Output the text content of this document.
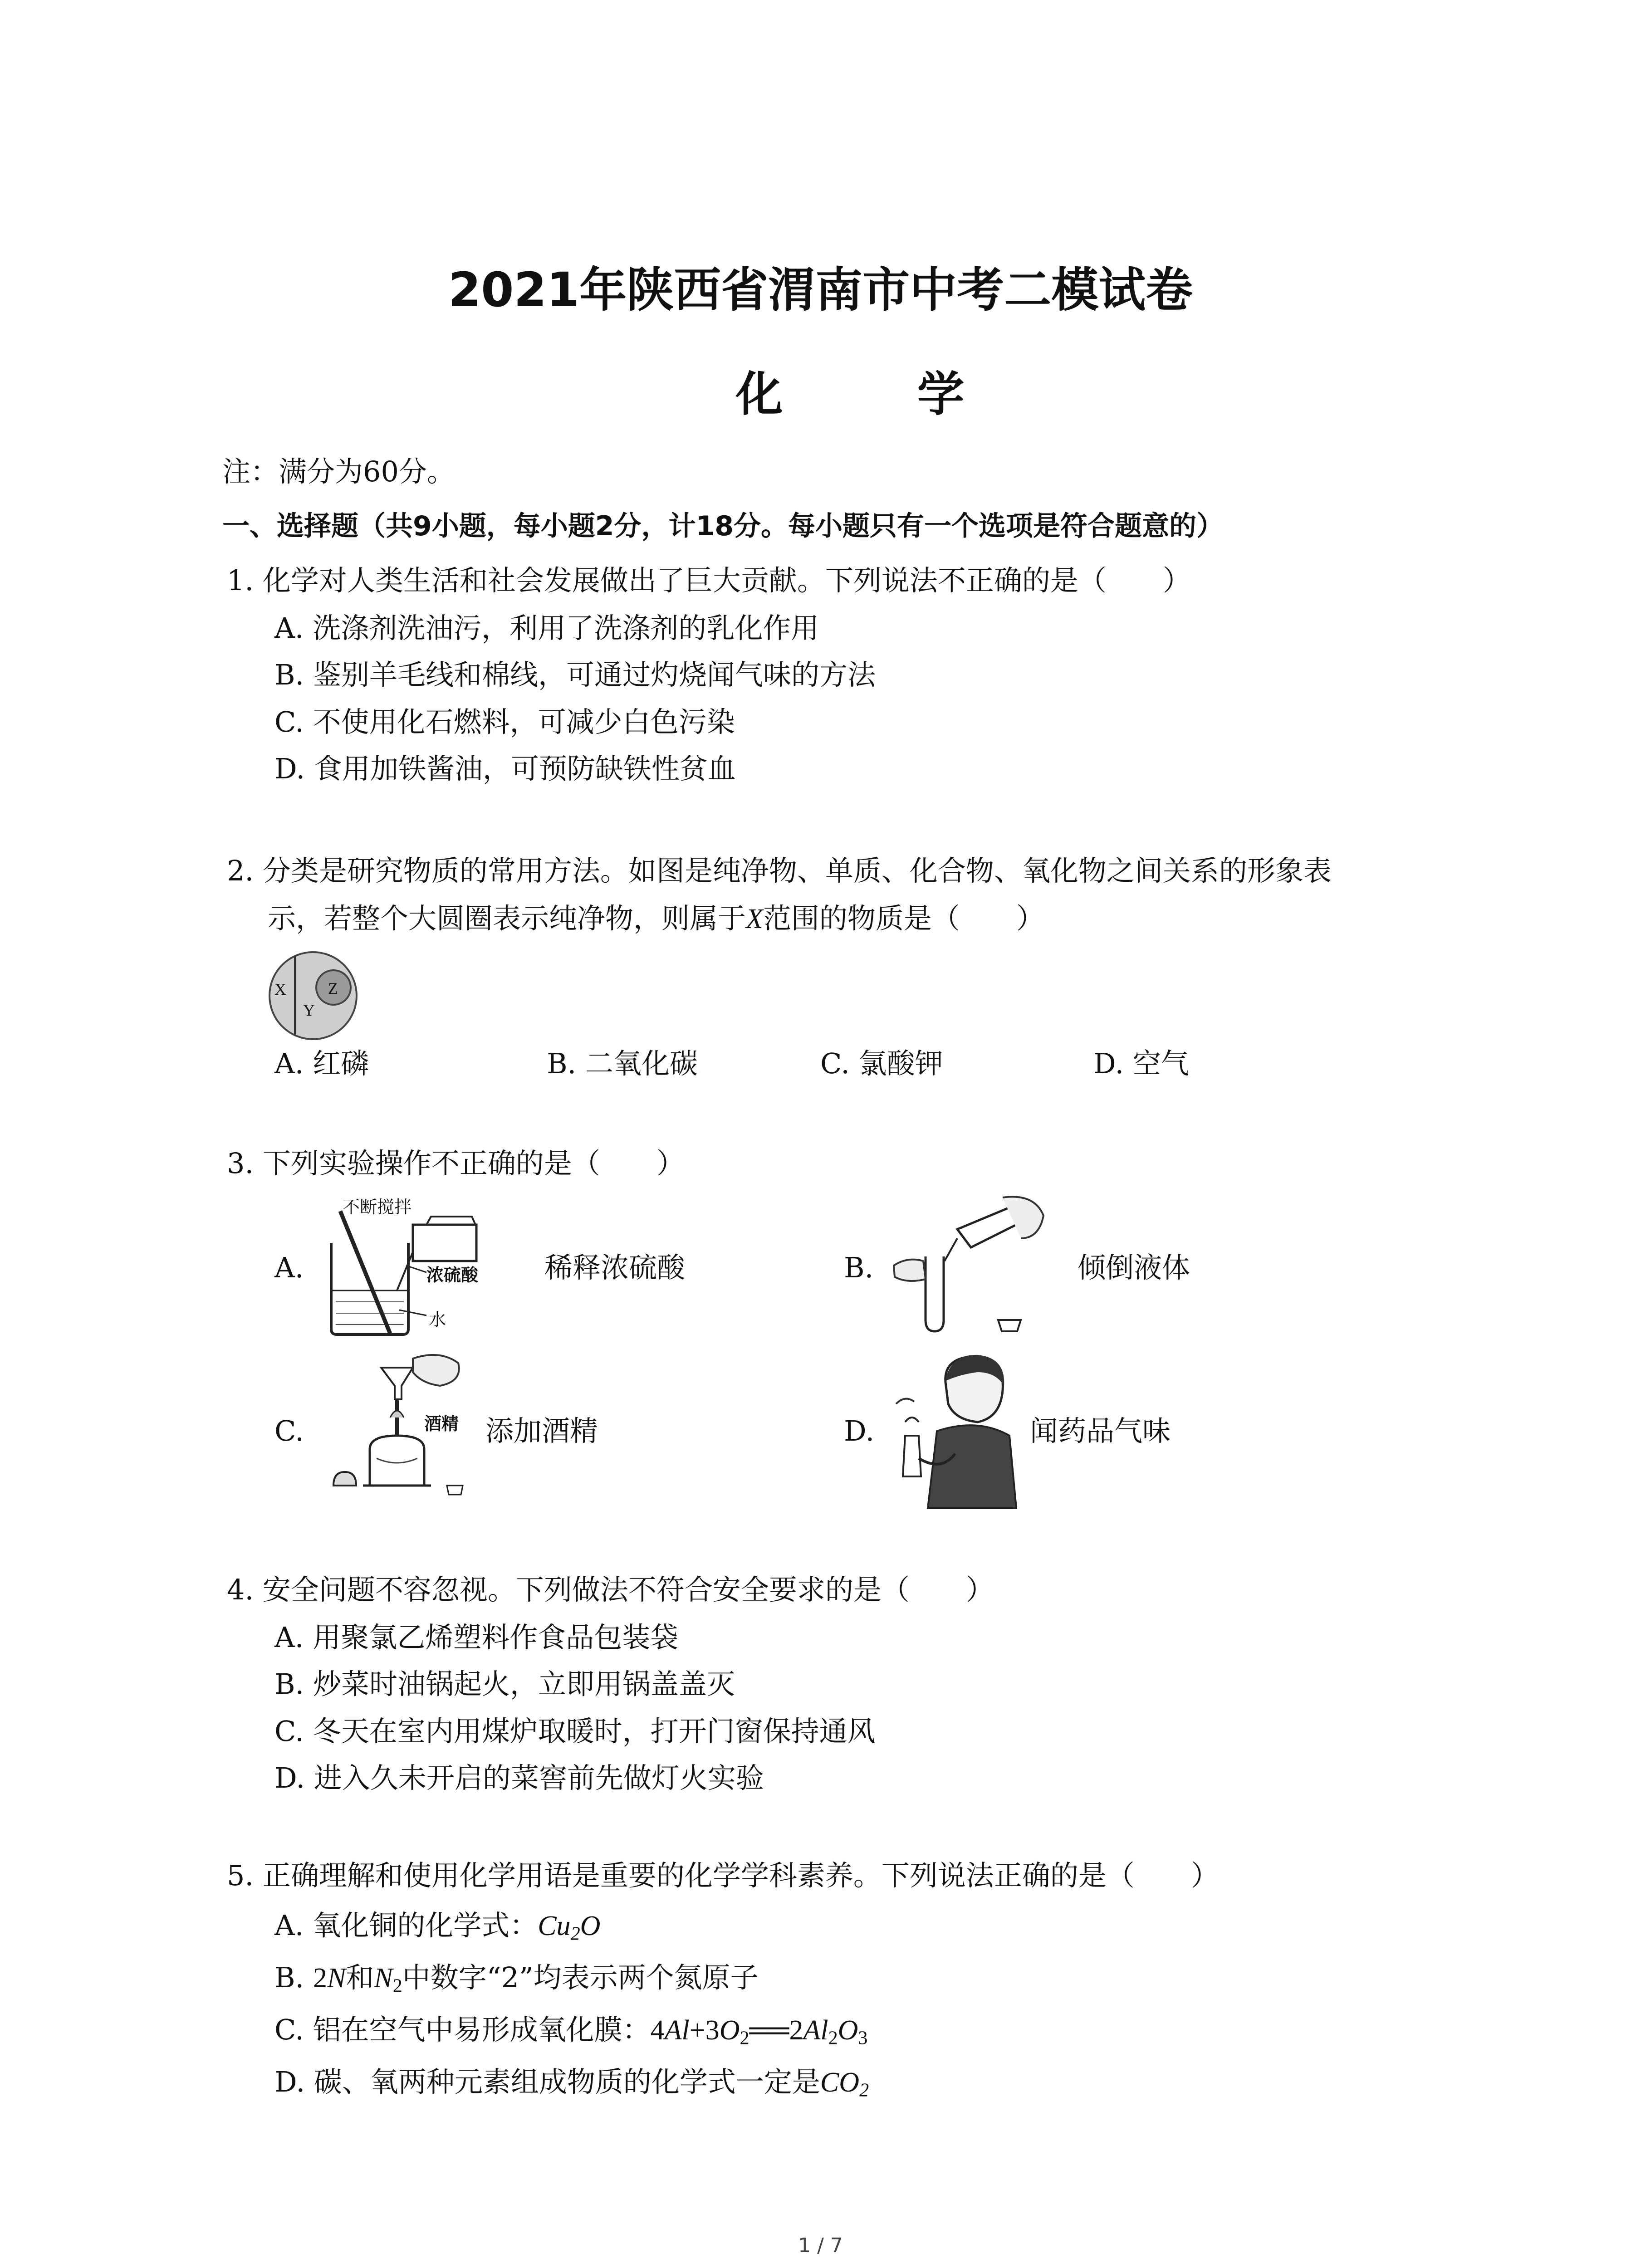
2021年陕西省渭南市中考二模试卷
化 学
注：满分为60分。
一、选择题（共9小题，每小题2分，计18分。每小题只有一个选项是符合题意的）
1. 化学对人类生活和社会发展做出了巨大贡献。下列说法不正确的是（　　）
A. 洗涤剂洗油污，利用了洗涤剂的乳化作用
B. 鉴别羊毛线和棉线，可通过灼烧闻气味的方法
C. 不使用化石燃料，可减少白色污染
D. 食用加铁酱油，可预防缺铁性贫血
2. 分类是研究物质的常用方法。如图是纯净物、单质、化合物、氧化物之间关系的形象表
示，若整个大圆圈表示纯净物，则属于X范围的物质是（　　）
X
Y
Z
A. 红磷	B. 二氧化碳	C. 氯酸钾	D. 空气
3. 下列实验操作不正确的是（　　）
A.
不断搅拌
浓硫酸
水
稀释浓硫酸	B.	倾倒液体
C.	酒精 添加酒精	D.	闻药品气味
4. 安全问题不容忽视。下列做法不符合安全要求的是（　　）
A. 用聚氯乙烯塑料作食品包装袋
B. 炒菜时油锅起火，立即用锅盖盖灭
C. 冬天在室内用煤炉取暖时，打开门窗保持通风
D. 进入久未开启的菜窖前先做灯火实验
5. 正确理解和使用化学用语是重要的化学学科素养。下列说法正确的是（　　）
A. 氧化铜的化学式：$Cu_2O$
B. 2N和$N_2$中数字“2”均表示两个氮原子
C. 铝在空气中易形成氧化膜：$4Al+3O_2══2Al_2O_3$
D. 碳、氧两种元素组成物质的化学式一定是$CO_2$
1 / 7
